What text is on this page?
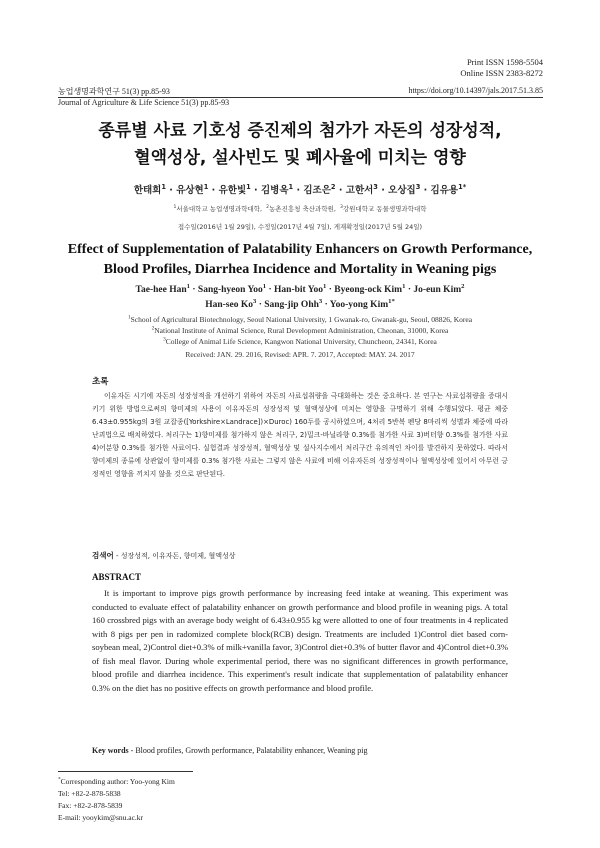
Print ISSN 1598-5504
Online ISSN 2383-8272
농업생명과학연구 51(3) pp.85-93
Journal of Agriculture & Life Science 51(3) pp.85-93
https://doi.org/10.14397/jals.2017.51.3.85
종류별 사료 기호성 증진제의 첨가가 자돈의 성장성적,
혈액성상, 설사빈도 및 폐사율에 미치는 영향
한태희$^1$ · 유상현$^1$ · 유한빛$^1$ · 김병옥$^1$ · 김조은$^2$ · 고한서$^3$ · 오상집$^3$ · 김유용$^{1*}$
$^1$서울대학교 농업생명과학대학, $^2$농촌진흥청 축산과학원, $^3$강원대학교 동물생명과학대학
접수일(2016년 1월 29일), 수정일(2017년 4월 7일), 게재확정일(2017년 5월 24일)
Effect of Supplementation of Palatability Enhancers on Growth Performance,
Blood Profiles, Diarrhea Incidence and Mortality in Weaning pigs
Tae-hee Han$^1$ · Sang-hyeon Yoo$^1$ · Han-bit Yoo$^1$ · Byeong-ock Kim$^1$ · Jo-eun Kim$^2$
Han-seo $Ko^3$ · Sang-jip Ohh$^3$ · Yoo-yong Kim$^{1*}$
$^1$School of Agricultural Biotechnology, Seoul National University, 1 Gwanak-ro, Gwanak-gu, Seoul, 08826, Korea
$^2$National Institute of Animal Science, Rural Development Administration, Cheonan, 31000, Korea
$^3$College of Animal Life Science, Kangwon National University, Chuncheon, 24341, Korea
Received: JAN. 29. 2016, Revised: APR. 7. 2017, Accepted: MAY. 24. 2017
초록

이유자돈 시기에 자돈의 성장성적을 개선하기 위하여 자돈의 사료섭취량을 극대화하는 것은 중요하다. 본 연구는 사료섭취량을 증대시키기 위한 방법으로써의 향미제의 사용이 이유자돈의 성장성적 및 혈액성상에 미치는 영향을 규명하기 위해 수행되었다. 평균 체중 6.43±0.955kg의 3원 교잡종([Yorkshire×Landrace])×Duroc) 160두를 공시하였으며, 4처리 5반복 펜당 8마리씩 성별과 체중에 따라 난괴법으로 배치하였다. 처리구는 1)향미제를 첨가하지 않은 처리구, 2)밀크-바닐라향 0.3%를 첨가한 사료 3)버터향 0.3%를 첨가한 사료 4)어분향 0.3%를 첨가한 사료이다. 실험결과 성장성적, 혈액성상 및 설사지수에서 처리구간 유의적인 차이를 발견하지 못하였다. 따라서 향미제의 종류에 상관없이 향미제를 0.3% 첨가한 사료는 그렇지 않은 사료에 비해 이유자돈의 성장성적이나 혈액성상에 있어서 아무런 긍정적인 영향을 끼치지 않을 것으로 판단된다.

검색어 - 성장성적, 이유자돈, 향미제, 혈액성상
ABSTRACT

It is important to improve pigs growth performance by increasing feed intake at weaning. This experiment was conducted to evaluate effect of palatability enhancer on growth performance and blood profile in weaning pigs. A total 160 crossbred pigs with an average body weight of 6.43±0.955 kg were allotted to one of four treatments in 4 replicated with 8 pigs per pen in radomized complete block(RCB) design. Treatments are included 1)Control diet based corn-soybean meal, 2)Control diet+0.3% of milk+vanilla favor, 3)Control diet+0.3% of butter flavor and 4)Control diet+0.3% of fish meal flavor. During whole experimental period, there was no significant differences in growth performance, blood profile and diarrhea incidence. This experiment's result indicate that supplementation of palatability enhancer 0.3% on the diet has no positive effects on growth performance and blood profile.

Key words - Blood profiles, Growth performance, Palatability enhancer, Weaning pig
*Corresponding author: Yoo-yong Kim
Tel: +82-2-878-5838
Fax: +82-2-878-5839
E-mail: yooykim@snu.ac.kr
